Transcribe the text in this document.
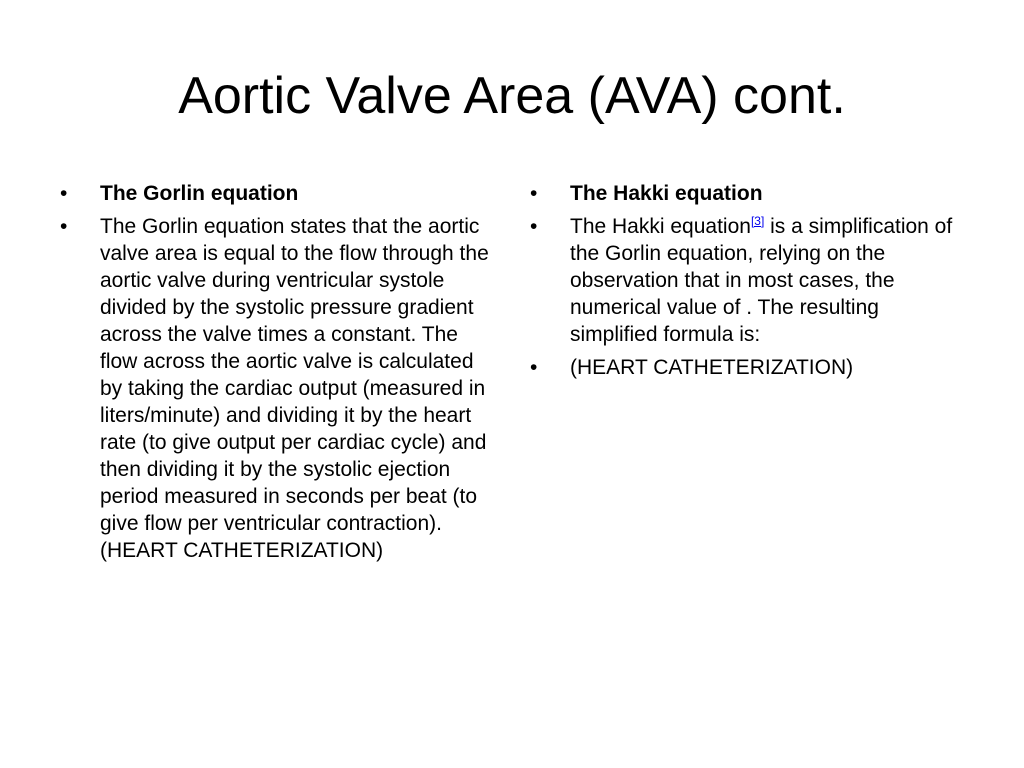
Aortic Valve Area (AVA) cont.
•	The Gorlin equation
•	The Gorlin equation states that the aortic valve area is equal to the flow through the aortic valve during ventricular systole divided by the systolic pressure gradient across the valve times a constant. The flow across the aortic valve is calculated by taking the cardiac output (measured in liters/minute) and dividing it by the heart rate (to give output per cardiac cycle) and then dividing it by the systolic ejection period measured in seconds per beat (to give flow per ventricular contraction). (HEART CATHETERIZATION)
•	The Hakki equation
•	The Hakki equation[3] is a simplification of the Gorlin equation, relying on the observation that in most cases, the numerical value of . The resulting simplified formula is:
•	(HEART CATHETERIZATION)
